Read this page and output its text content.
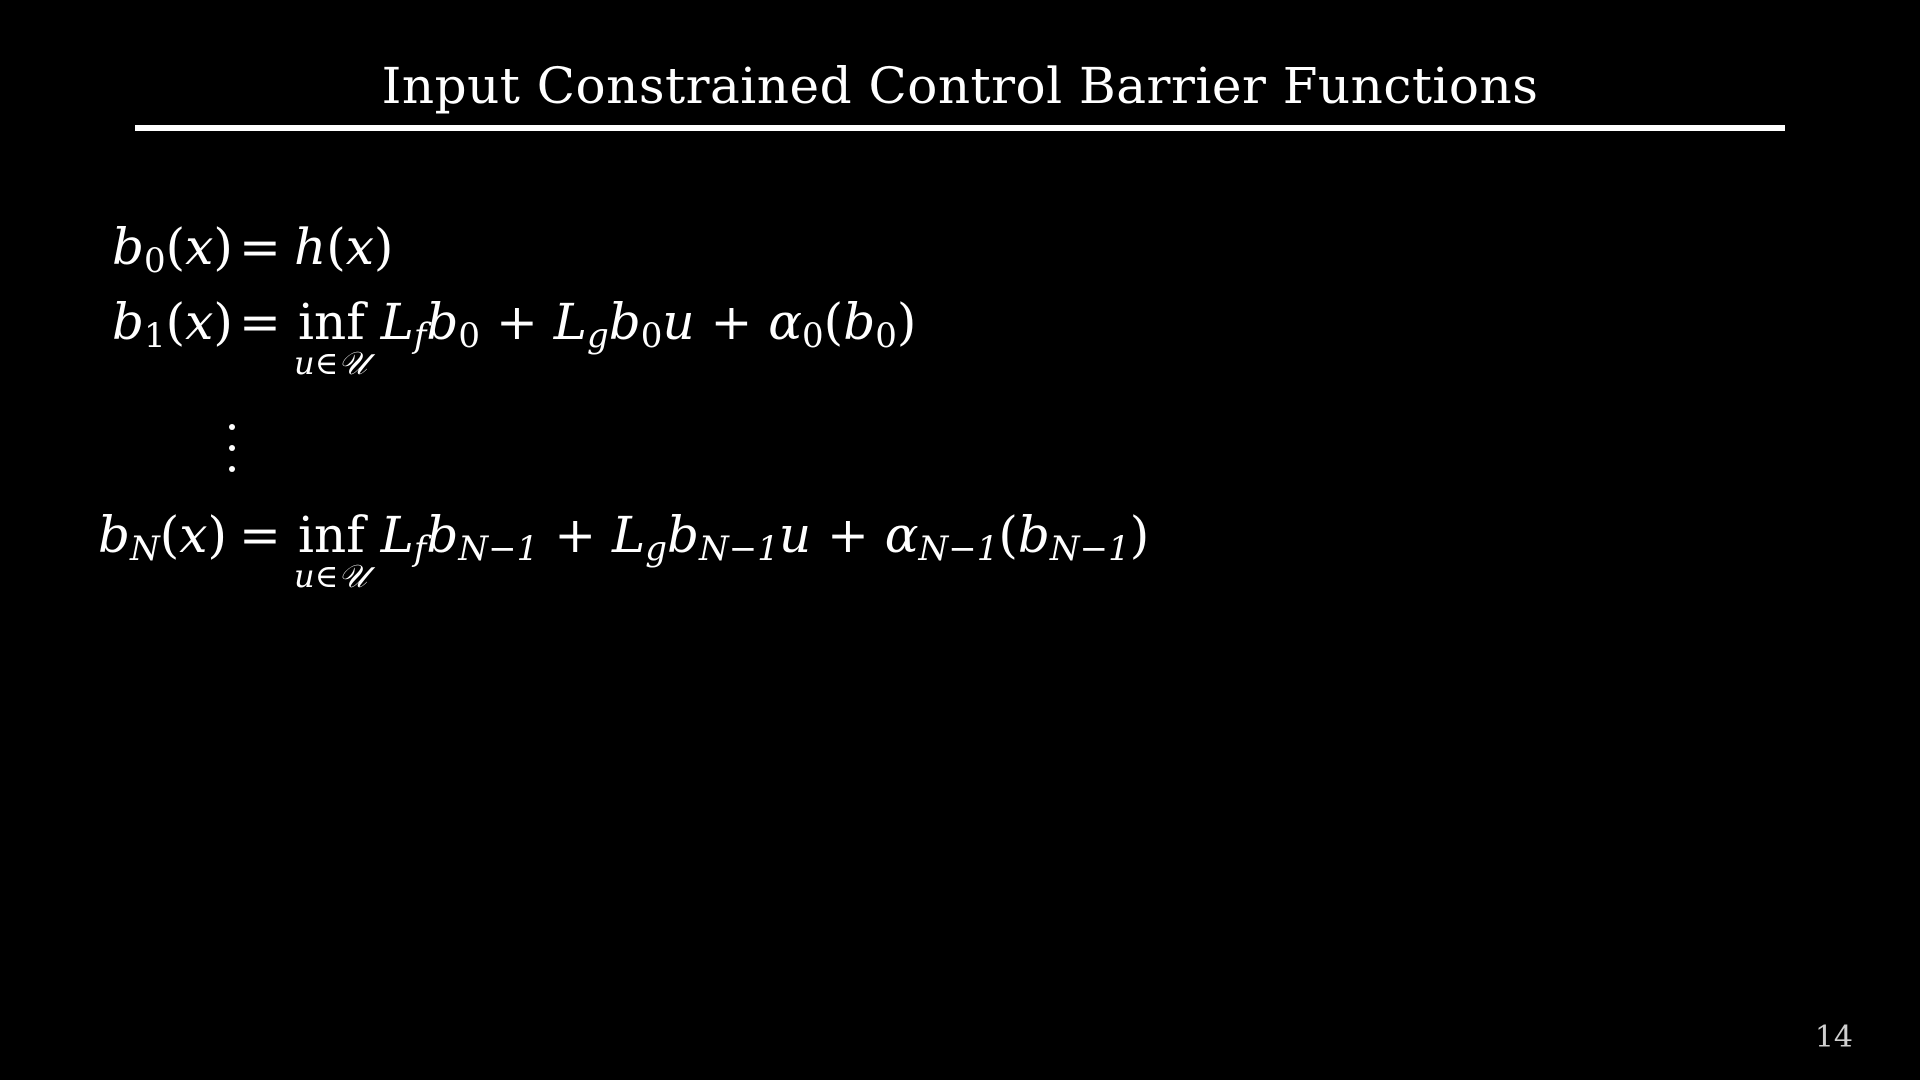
Input Constrained Control Barrier Functions
$b_0(x) = h(x)$
$b_1(x)$ = inf
u∈𝒰
$L_fb_0 + L_gb_0u + \alpha_0(b_0)$
$b_N(x)$ = inf
u∈𝒰
$L_fb_{N-1} + L_gb_{N-1}u + \alpha_{N-1}(b_{N-1})$
14
